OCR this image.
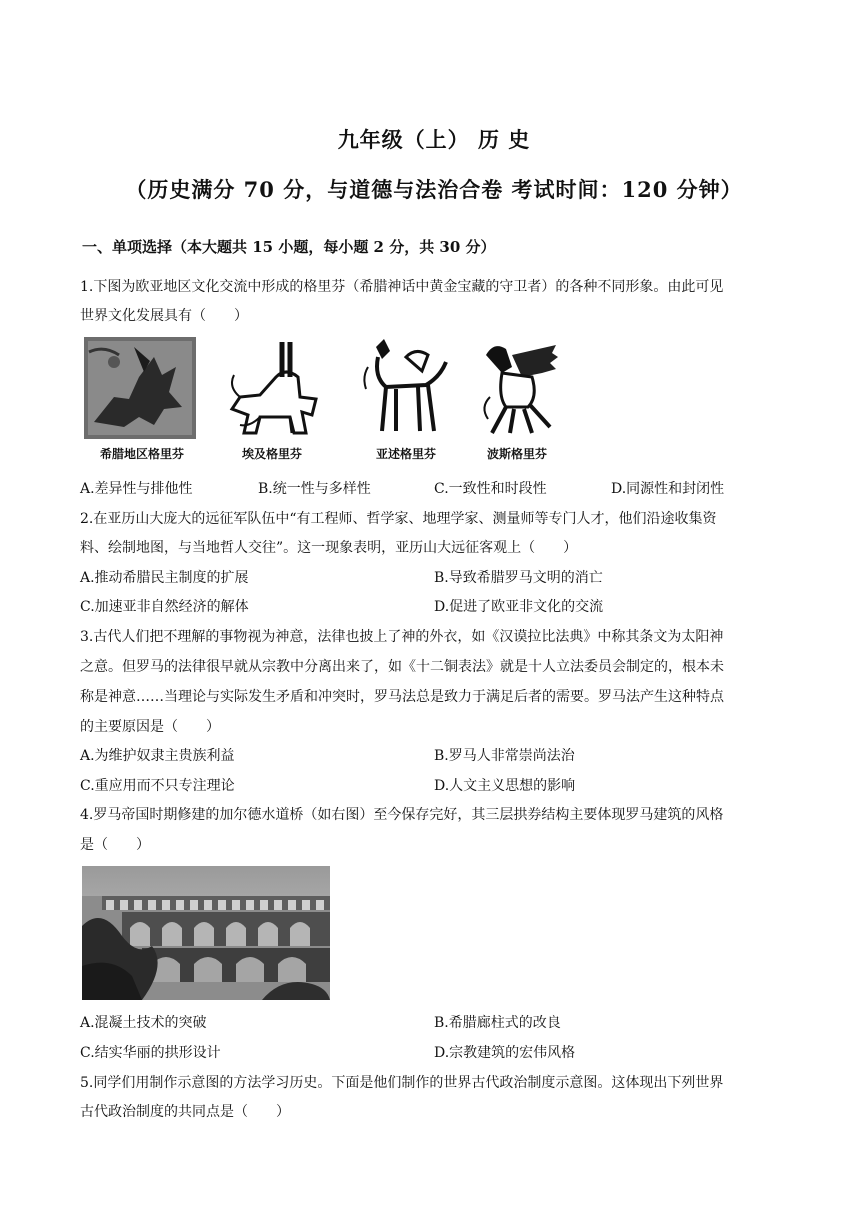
九年级（上） 历 史
（历史满分 70 分，与道德与法治合卷 考试时间：120 分钟）
一、单项选择（本大题共 15 小题，每小题 2 分，共 30 分）
1.下图为欧亚地区文化交流中形成的格里芬（希腊神话中黄金宝藏的守卫者）的各种不同形象。由此可见
世界文化发展具有（　　）
希腊地区格里芬	埃及格里芬	亚述格里芬	波斯格里芬
A.差异性与排他性	B.统一性与多样性	C.一致性和时段性	D.同源性和封闭性
2.在亚历山大庞大的远征军队伍中“有工程师、哲学家、地理学家、测量师等专门人才，他们沿途收集资
料、绘制地图，与当地哲人交往”。这一现象表明，亚历山大远征客观上（　　）
A.推动希腊民主制度的扩展	B.导致希腊罗马文明的消亡
C.加速亚非自然经济的解体	D.促进了欧亚非文化的交流
3.古代人们把不理解的事物视为神意，法律也披上了神的外衣，如《汉谟拉比法典》中称其条文为太阳神
之意。但罗马的法律很早就从宗教中分离出来了，如《十二铜表法》就是十人立法委员会制定的，根本未
称是神意……当理论与实际发生矛盾和冲突时，罗马法总是致力于满足后者的需要。罗马法产生这种特点
的主要原因是（　　）
A.为维护奴隶主贵族利益	B.罗马人非常崇尚法治
C.重应用而不只专注理论	D.人文主义思想的影响
4.罗马帝国时期修建的加尔德水道桥（如右图）至今保存完好，其三层拱券结构主要体现罗马建筑的风格
是（　　）
A.混凝土技术的突破	B.希腊廊柱式的改良
C.结实华丽的拱形设计	D.宗教建筑的宏伟风格
5.同学们用制作示意图的方法学习历史。下面是他们制作的世界古代政治制度示意图。这体现出下列世界
古代政治制度的共同点是（　　）
